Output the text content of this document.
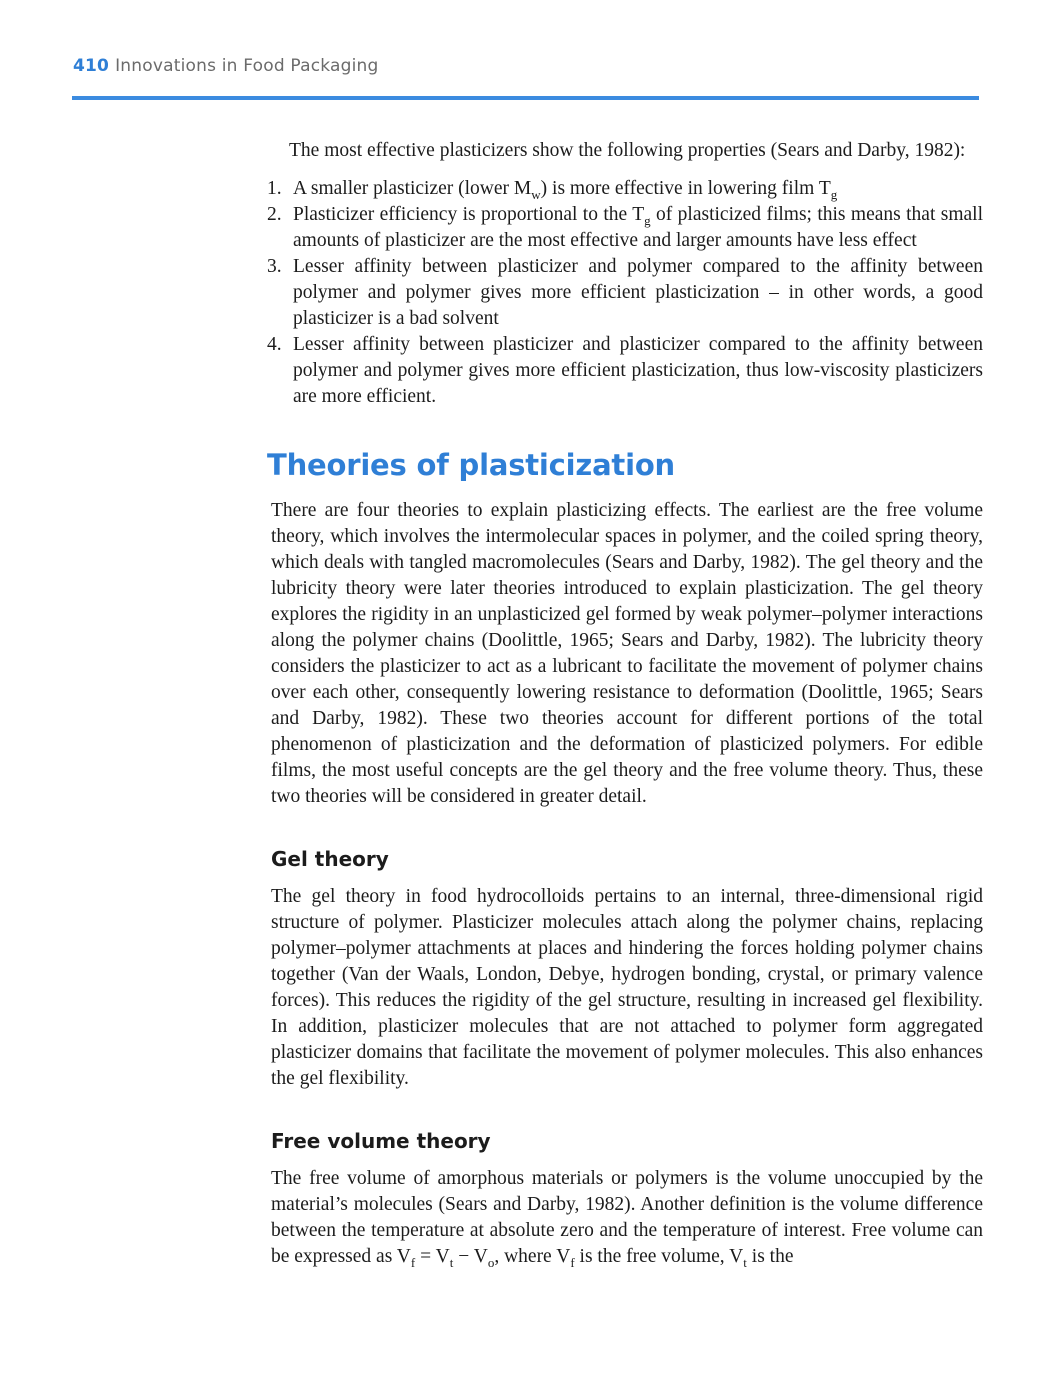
410 Innovations in Food Packaging

The most effective plasticizers show the following properties (Sears and Darby, 1982):

1. A smaller plasticizer (lower $M_w$) is more effective in lowering film $T_g$
2. Plasticizer efficiency is proportional to the $T_g$ of plasticized films; this means that small amounts of plasticizer are the most effective and larger amounts have less effect
3. Lesser affinity between plasticizer and polymer compared to the affinity between polymer and polymer gives more efficient plasticization – in other words, a good plasticizer is a bad solvent
4. Lesser affinity between plasticizer and plasticizer compared to the affinity between polymer and polymer gives more efficient plasticization, thus low-viscosity plasticizers are more efficient.
Theories of plasticization

There are four theories to explain plasticizing effects. The earliest are the free volume theory, which involves the intermolecular spaces in polymer, and the coiled spring theory, which deals with tangled macromolecules (Sears and Darby, 1982). The gel theory and the lubricity theory were later theories introduced to explain plasticization. The gel theory explores the rigidity in an unplasticized gel formed by weak polymer–polymer interactions along the polymer chains (Doolittle, 1965; Sears and Darby, 1982). The lubricity theory considers the plasticizer to act as a lubricant to facilitate the movement of polymer chains over each other, consequently lowering resistance to deformation (Doolittle, 1965; Sears and Darby, 1982). These two theories account for different portions of the total phenomenon of plasticization and the deformation of plasticized polymers. For edible films, the most useful concepts are the gel theory and the free volume theory. Thus, these two theories will be considered in greater detail.

Gel theory

The gel theory in food hydrocolloids pertains to an internal, three-dimensional rigid structure of polymer. Plasticizer molecules attach along the polymer chains, replacing polymer–polymer attachments at places and hindering the forces holding polymer chains together (Van der Waals, London, Debye, hydrogen bonding, crystal, or primary valence forces). This reduces the rigidity of the gel structure, resulting in increased gel flexibility. In addition, plasticizer molecules that are not attached to polymer form aggregated plasticizer domains that facilitate the movement of polymer molecules. This also enhances the gel flexibility.

Free volume theory

The free volume of amorphous materials or polymers is the volume unoccupied by the material’s molecules (Sears and Darby, 1982). Another definition is the volume difference between the temperature at absolute zero and the temperature of interest. Free volume can be expressed as $V_f = V_t - V_o$, where $V_f$ is the free volume, $V_t$ is the
